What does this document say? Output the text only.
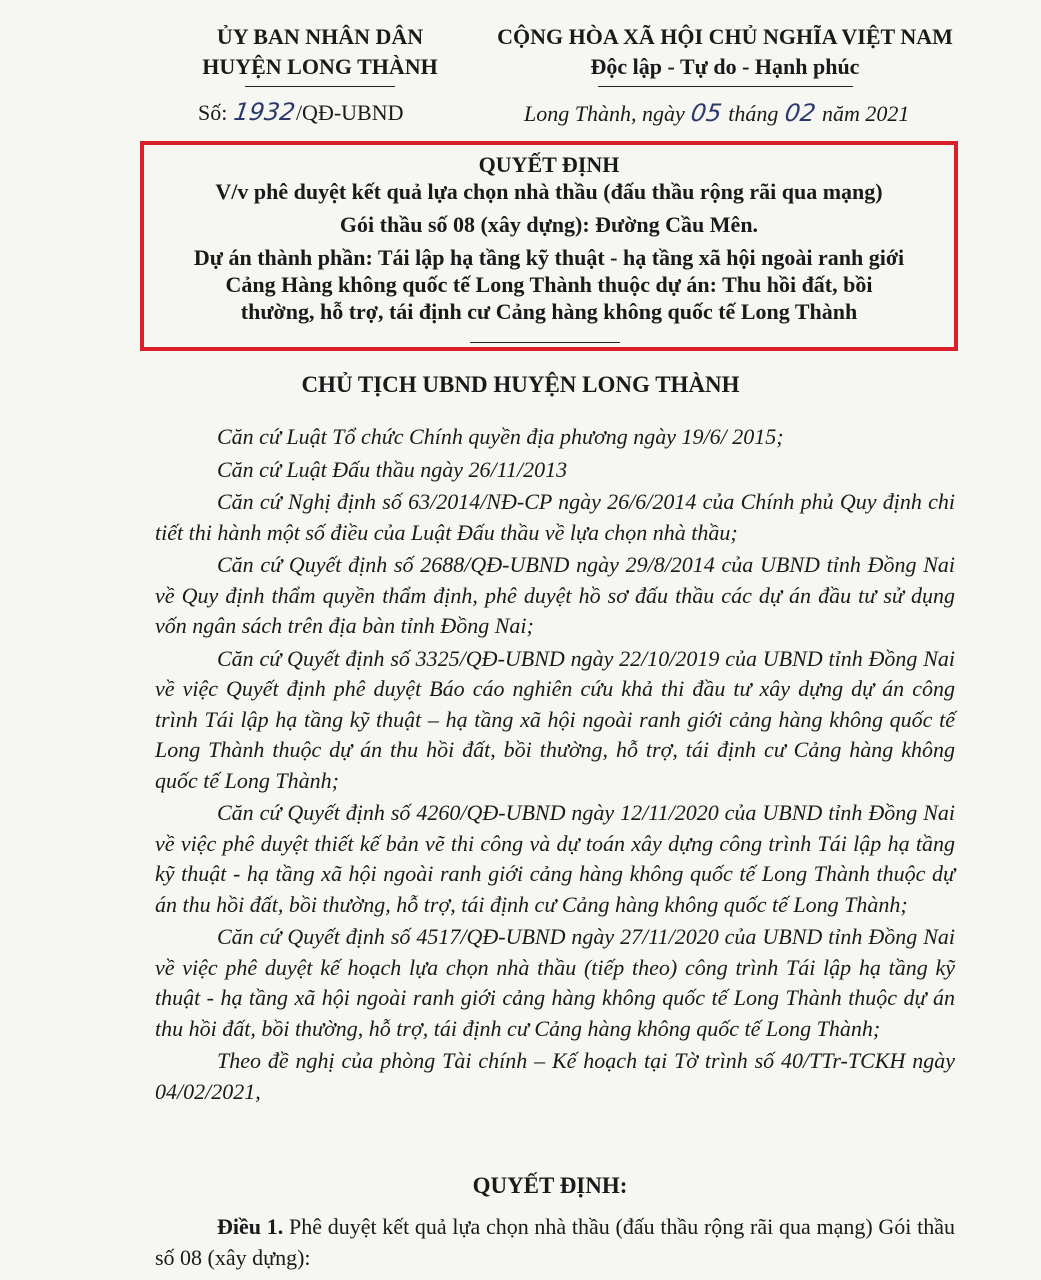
ỦY BAN NHÂN DÂN
HUYỆN LONG THÀNH
Số: 1932/QĐ-UBND
CỘNG HÒA XÃ HỘI CHỦ NGHĨA VIỆT NAM
Độc lập - Tự do - Hạnh phúc
Long Thành, ngày 05 tháng 02 năm 2021
QUYẾT ĐỊNH
V/v phê duyệt kết quả lựa chọn nhà thầu (đấu thầu rộng rãi qua mạng)
Gói thầu số 08 (xây dựng): Đường Cầu Mên.
Dự án thành phần: Tái lập hạ tầng kỹ thuật - hạ tầng xã hội ngoài ranh giới
Cảng Hàng không quốc tế Long Thành thuộc dự án: Thu hồi đất, bồi
thường, hỗ trợ, tái định cư Cảng hàng không quốc tế Long Thành
CHỦ TỊCH UBND HUYỆN LONG THÀNH

Căn cứ Luật Tổ chức Chính quyền địa phương ngày 19/6/ 2015;

Căn cứ Luật Đấu thầu ngày 26/11/2013

Căn cứ Nghị định số 63/2014/NĐ-CP ngày 26/6/2014 của Chính phủ Quy định chi tiết thi hành một số điều của Luật Đấu thầu về lựa chọn nhà thầu;

Căn cứ Quyết định số 2688/QĐ-UBND ngày 29/8/2014 của UBND tỉnh Đồng Nai về Quy định thẩm quyền thẩm định, phê duyệt hồ sơ đấu thầu các dự án đầu tư sử dụng vốn ngân sách trên địa bàn tỉnh Đồng Nai;

Căn cứ Quyết định số 3325/QĐ-UBND ngày 22/10/2019 của UBND tỉnh Đồng Nai về việc Quyết định phê duyệt Báo cáo nghiên cứu khả thi đầu tư xây dựng dự án công trình Tái lập hạ tầng kỹ thuật – hạ tầng xã hội ngoài ranh giới cảng hàng không quốc tế Long Thành thuộc dự án thu hồi đất, bồi thường, hỗ trợ, tái định cư Cảng hàng không quốc tế Long Thành;

Căn cứ Quyết định số 4260/QĐ-UBND ngày 12/11/2020 của UBND tỉnh Đồng Nai về việc phê duyệt thiết kế bản vẽ thi công và dự toán xây dựng công trình Tái lập hạ tầng kỹ thuật - hạ tầng xã hội ngoài ranh giới cảng hàng không quốc tế Long Thành thuộc dự án thu hồi đất, bồi thường, hỗ trợ, tái định cư Cảng hàng không quốc tế Long Thành;

Căn cứ Quyết định số 4517/QĐ-UBND ngày 27/11/2020 của UBND tỉnh Đồng Nai về việc phê duyệt kế hoạch lựa chọn nhà thầu (tiếp theo) công trình Tái lập hạ tầng kỹ thuật - hạ tầng xã hội ngoài ranh giới cảng hàng không quốc tế Long Thành thuộc dự án thu hồi đất, bồi thường, hỗ trợ, tái định cư Cảng hàng không quốc tế Long Thành;

Theo đề nghị của phòng Tài chính – Kế hoạch tại Tờ trình số 40/TTr-TCKH ngày 04/02/2021,

QUYẾT ĐỊNH:
Điều 1. Phê duyệt kết quả lựa chọn nhà thầu (đấu thầu rộng rãi qua mạng) Gói thầu số 08 (xây dựng):
